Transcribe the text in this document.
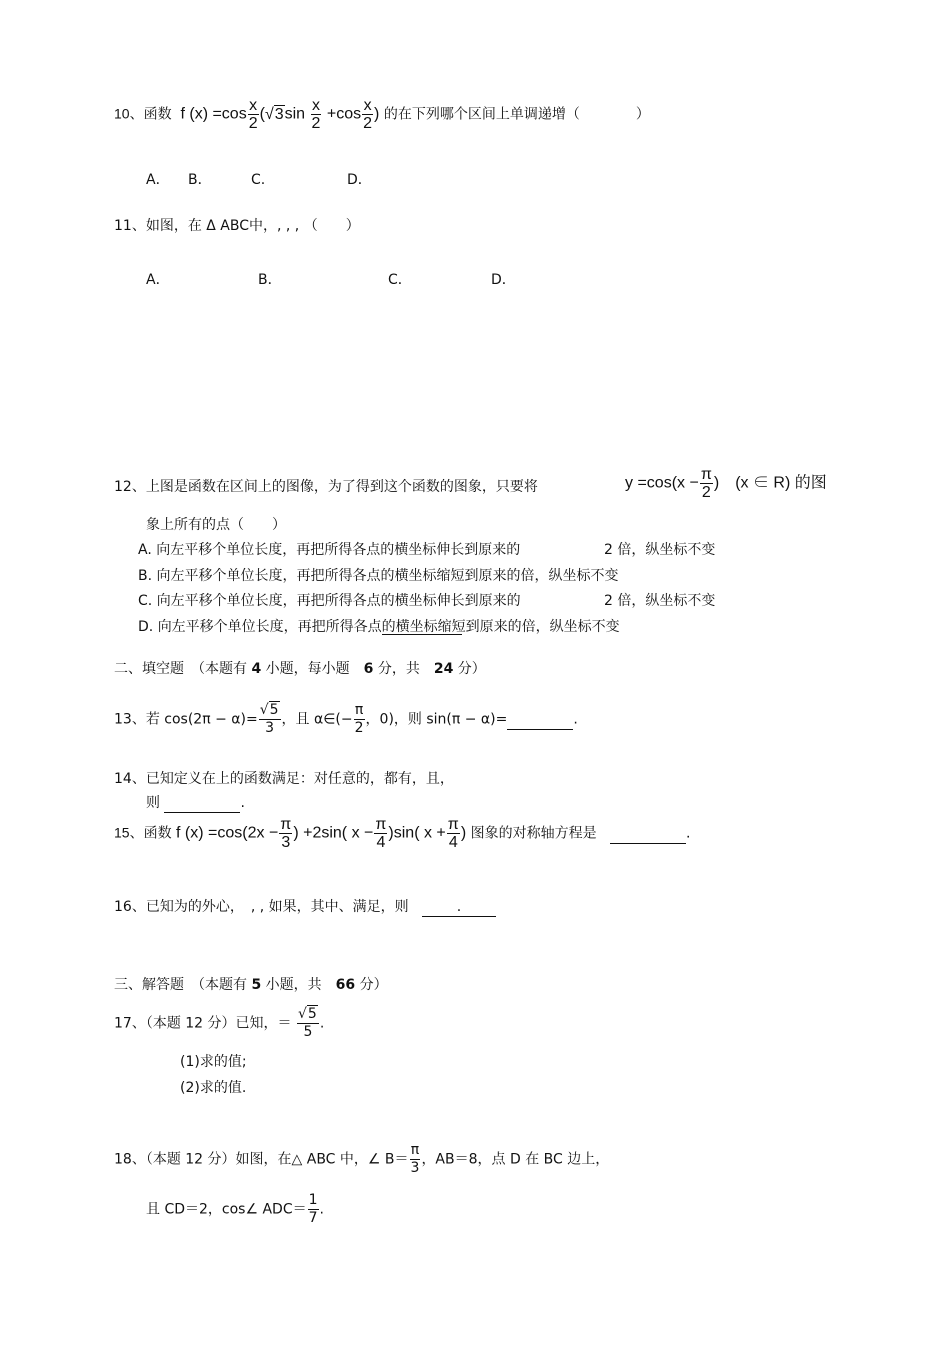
10、函数 f $(x) =\cos \frac{x}{2} (√3\sin \frac{x}{2} +\cos \frac{x}{2}$ ) 的在下列哪个区间上单调递增（　　　　）
A． B．	C.	D．
11、如图，在 Δ ABC中，, , , （　　）
A．	B．	C．	D．
12、上图是函数在区间上的图像，为了得到这个函数的图象，只要将	$y =\cos(x - \frac{\pi}{2}$ )　(x ∈ R) 的图
象上所有的点（　　）
A. 向左平移个单位长度，再把所得各点的横坐标伸长到原来的	2 倍，纵坐标不变
B. 向左平移个单位长度，再把所得各点的横坐标缩短到原来的倍，纵坐标不变
C. 向左平移个单位长度，再把所得各点的横坐标伸长到原来的	2 倍，纵坐标不变
D. 向左平移个单位长度，再把所得各点的横坐标缩短到原来的倍，纵坐标不变
二、填空题　（本题有 4 小题，每小题　6 分，共　24 分）
13、若 $\cos(2\pi - \alpha)= \frac{√5}{3}$ ，且 α∈(− $\frac{\pi}{2}$ ，0)，则 sin(π − α)=	.
14、已知定义在上的函数满足：对任意的，都有，且，
则	.
15、函数 f $(x) =\cos(2x - \frac{\pi}{3}$ ) +2sin( $x - \frac{\pi}{4} )\sin$( $x + \frac{\pi}{4}$ ) 图象的对称轴方程是	.
16、已知为的外心，　, , 如果，其中、满足，则	.
三、解答题　（本题有 5 小题，共　66 分）
17、（本题 12 分）已知，＝ $\frac{√5}{5}$ .
(1)求的值;
(2)求的值.
18、（本题 12 分）如图，在△ ABC 中，∠ $B= \frac{\pi}{3}$ ，AB＝8，点 D 在 BC 边上，
且 CD＝2，cos∠ $ADC= \frac{1}{7}$ .
